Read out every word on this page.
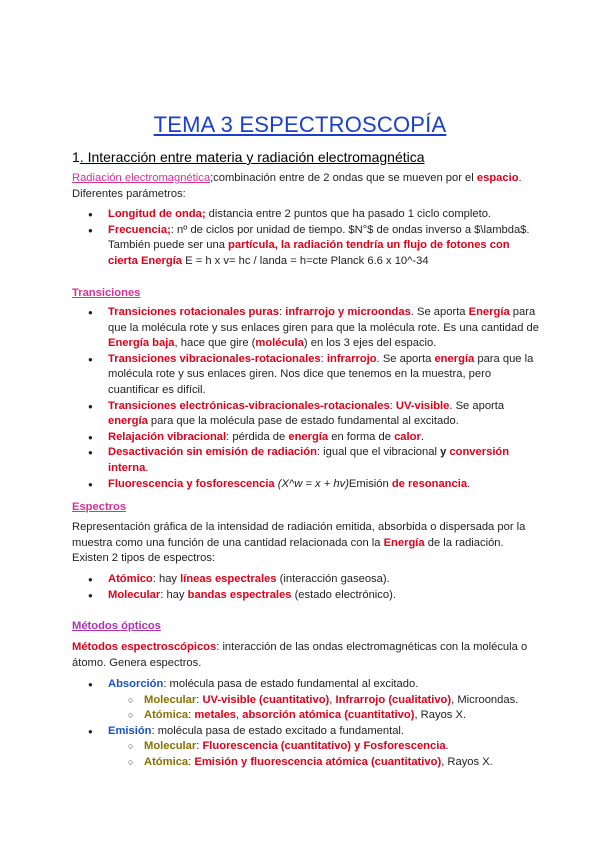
TEMA 3 ESPECTROSCOPÍA
1. Interacción entre materia y radiación electromagnética
Radiación electromagnética;combinación entre de 2 ondas que se mueven por el espacio. Diferentes parámetros:
● Longitud de onda; distancia entre 2 puntos que ha pasado 1 ciclo completo.
● Frecuencia;: nº de ciclos por unidad de tiempo. $N°$ de ondas inverso a $\lambda$.
También puede ser una partícula, la radiación tendría un flujo de fotones con cierta Energía E = h x v= hc / landa = h=cte Planck 6.6 x 10^-34
Transiciones
● Transiciones rotacionales puras: infrarrojo y microondas. Se aporta Energía para que la molécula rote y sus enlaces giren para que la molécula rote. Es una cantidad de Energía baja, hace que gire (molécula) en los 3 ejes del espacio.
● Transiciones vibracionales-rotacionales: infrarrojo. Se aporta energía para que la molécula rote y sus enlaces giren. Nos dice que tenemos en la muestra, pero cuantificar es difícil.
● Transiciones electrónicas-vibracionales-rotacionales: UV-visible. Se aporta energía para que la molécula pase de estado fundamental al excitado.
● Relajación vibracional: pérdida de energía en forma de calor.
● Desactivación sin emisión de radiación: igual que el vibracional y conversión interna.
● Fluorescencia y fosforescencia (X^w = x + hv)Emisión de resonancia.
Espectros
Representación gráfica de la intensidad de radiación emitida, absorbida o dispersada por la muestra como una función de una cantidad relacionada con la Energía de la radiación. Existen 2 tipos de espectros:
● Atómico: hay líneas espectrales (interacción gaseosa).
● Molecular: hay bandas espectrales (estado electrónico).
Métodos ópticos
Métodos espectroscópicos: interacción de las ondas electromagnéticas con la molécula o átomo. Genera espectros.
● Absorción: molécula pasa de estado fundamental al excitado.
○ Molecular: UV-visible (cuantitativo), Infrarrojo (cualitativo), Microondas.
○ Atómica: metales, absorción atómica (cuantitativo), Rayos X.
● Emisión: molécula pasa de estado excitado a fundamental.
○ Molecular: Fluorescencia (cuantitativo) y Fosforescencia.
○ Atómica: Emisión y fluorescencia atómica (cuantitativo), Rayos X.
